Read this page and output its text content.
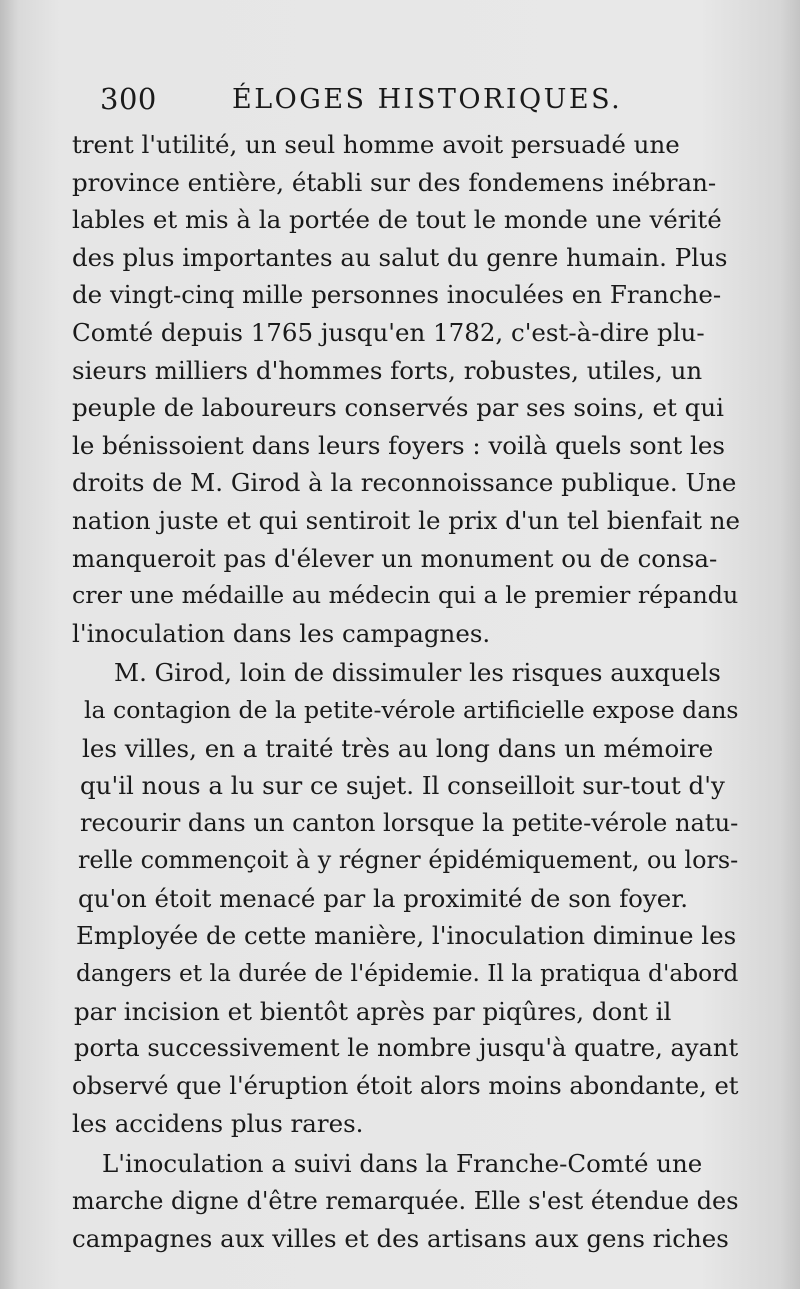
300	ÉLOGES HISTORIQUES.
trent l'utilité, un seul homme avoit persuadé une
province entière, établi sur des fondemens inébran-
lables et mis à la portée de tout le monde une vérité
des plus importantes au salut du genre humain. Plus
de vingt-cinq mille personnes inoculées en Franche-
Comté depuis 1765 jusqu'en 1782, c'est-à-dire plu-
sieurs milliers d'hommes forts, robustes, utiles, un
peuple de laboureurs conservés par ses soins, et qui
le bénissoient dans leurs foyers : voilà quels sont les
droits de M. Girod à la reconnoissance publique. Une
nation juste et qui sentiroit le prix d'un tel bienfait ne
manqueroit pas d'élever un monument ou de consa-
crer une médaille au médecin qui a le premier répandu
l'inoculation dans les campagnes.
M. Girod, loin de dissimuler les risques auxquels
la contagion de la petite-vérole artificielle expose dans
les villes, en a traité très au long dans un mémoire
qu'il nous a lu sur ce sujet. Il conseilloit sur-tout d'y
recourir dans un canton lorsque la petite-vérole natu-
relle commençoit à y régner épidémiquement, ou lors-
qu'on étoit menacé par la proximité de son foyer.
Employée de cette manière, l'inoculation diminue les
dangers et la durée de l'épidemie. Il la pratiqua d'abord
par incision et bientôt après par piqûres, dont il
porta successivement le nombre jusqu'à quatre, ayant
observé que l'éruption étoit alors moins abondante, et
les accidens plus rares.
L'inoculation a suivi dans la Franche-Comté une
marche digne d'être remarquée. Elle s'est étendue des
campagnes aux villes et des artisans aux gens riches
